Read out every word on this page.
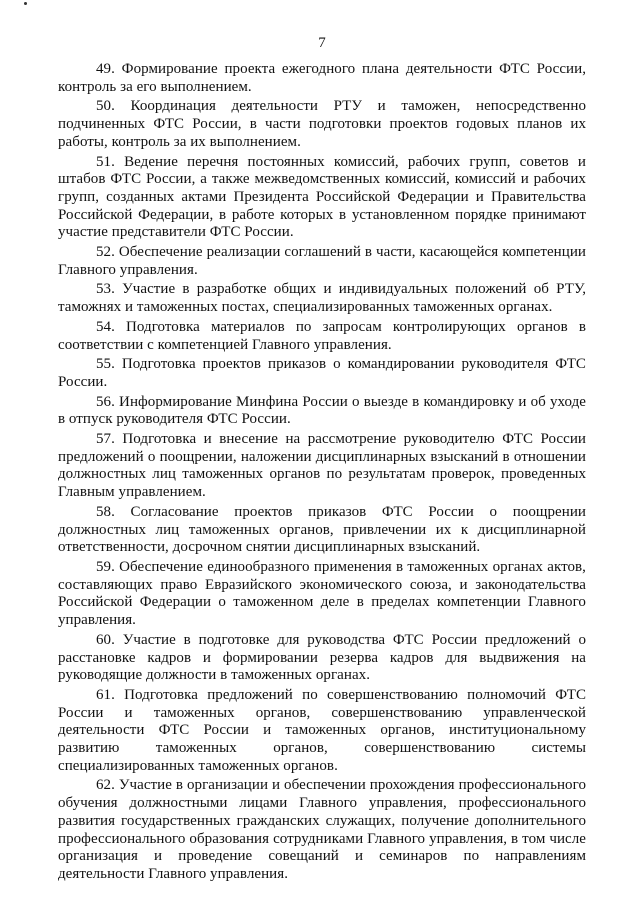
7

49. Формирование проекта ежегодного плана деятельности ФТС России, контроль за его выполнением.

50. Координация деятельности РТУ и таможен, непосредственно подчиненных ФТС России, в части подготовки проектов годовых планов их работы, контроль за их выполнением.

51. Ведение перечня постоянных комиссий, рабочих групп, советов и штабов ФТС России, а также межведомственных комиссий, комиссий и рабочих групп, созданных актами Президента Российской Федерации и Правительства Российской Федерации, в работе которых в установленном порядке принимают участие представители ФТС России.

52. Обеспечение реализации соглашений в части, касающейся компетенции Главного управления.

53. Участие в разработке общих и индивидуальных положений об РТУ, таможнях и таможенных постах, специализированных таможенных органах.

54. Подготовка материалов по запросам контролирующих органов в соответствии с компетенцией Главного управления.

55. Подготовка проектов приказов о командировании руководителя ФТС России.

56. Информирование Минфина России о выезде в командировку и об уходе в отпуск руководителя ФТС России.

57. Подготовка и внесение на рассмотрение руководителю ФТС России предложений о поощрении, наложении дисциплинарных взысканий в отношении должностных лиц таможенных органов по результатам проверок, проведенных Главным управлением.

58. Согласование проектов приказов ФТС России о поощрении должностных лиц таможенных органов, привлечении их к дисциплинарной ответственности, досрочном снятии дисциплинарных взысканий.

59. Обеспечение единообразного применения в таможенных органах актов, составляющих право Евразийского экономического союза, и законодательства Российской Федерации о таможенном деле в пределах компетенции Главного управления.

60. Участие в подготовке для руководства ФТС России предложений о расстановке кадров и формировании резерва кадров для выдвижения на руководящие должности в таможенных органах.

61. Подготовка предложений по совершенствованию полномочий ФТС России и таможенных органов, совершенствованию управленческой деятельности ФТС России и таможенных органов, институциональному развитию таможенных органов, совершенствованию системы специализированных таможенных органов.

62. Участие в организации и обеспечении прохождения профессионального обучения должностными лицами Главного управления, профессионального развития государственных гражданских служащих, получение дополнительного профессионального образования сотрудниками Главного управления, в том числе организация и проведение совещаний и семинаров по направлениям деятельности Главного управления.
